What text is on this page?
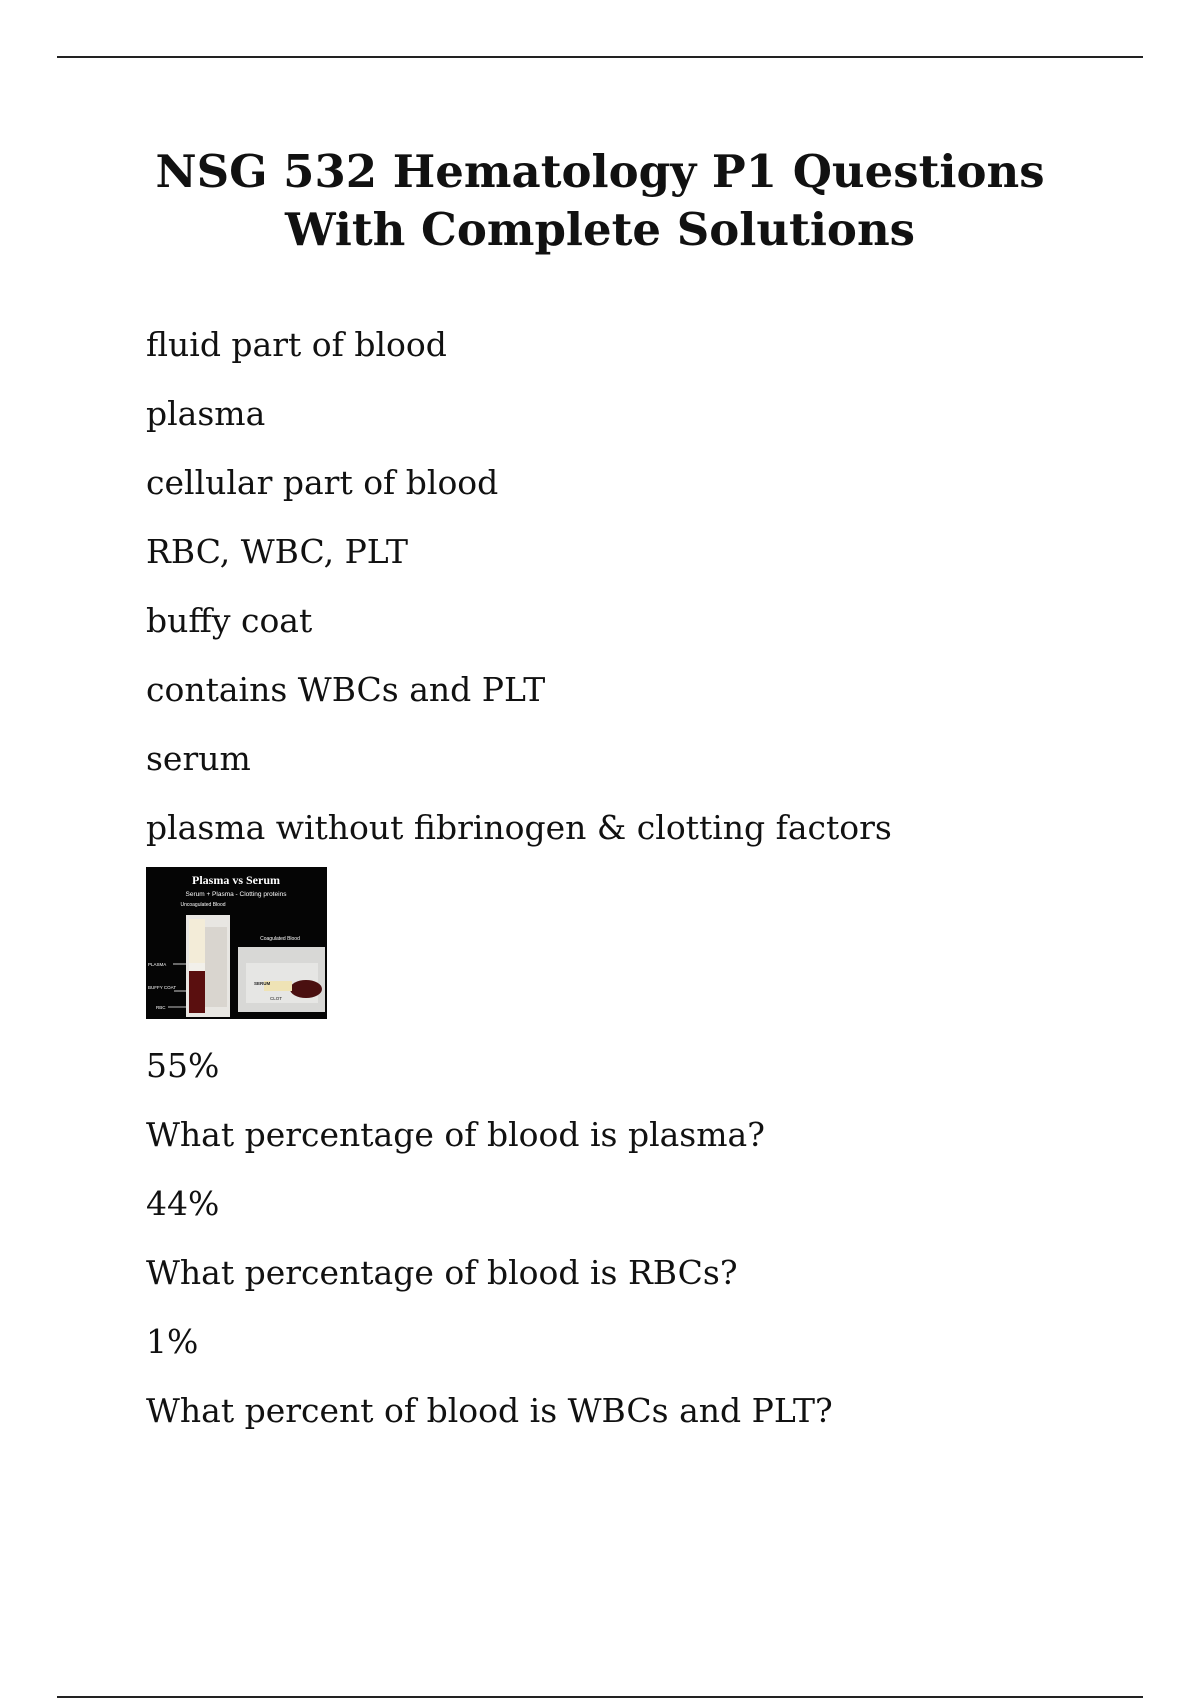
NSG 532 Hematology P1 Questions With Complete Solutions

fluid part of blood

plasma

cellular part of blood

RBC, WBC, PLT

buffy coat

contains WBCs and PLT

serum

plasma without fibrinogen & clotting factors

Plasma vs Serum
Serum + Plasma - Clotting proteins
Uncoagulated Blood
Coagulated Blood
PLASMA
BUFFY COAT
RBC
SERUM
CLOT

55%

What percentage of blood is plasma?

44%

What percentage of blood is RBCs?

1%

What percent of blood is WBCs and PLT?
